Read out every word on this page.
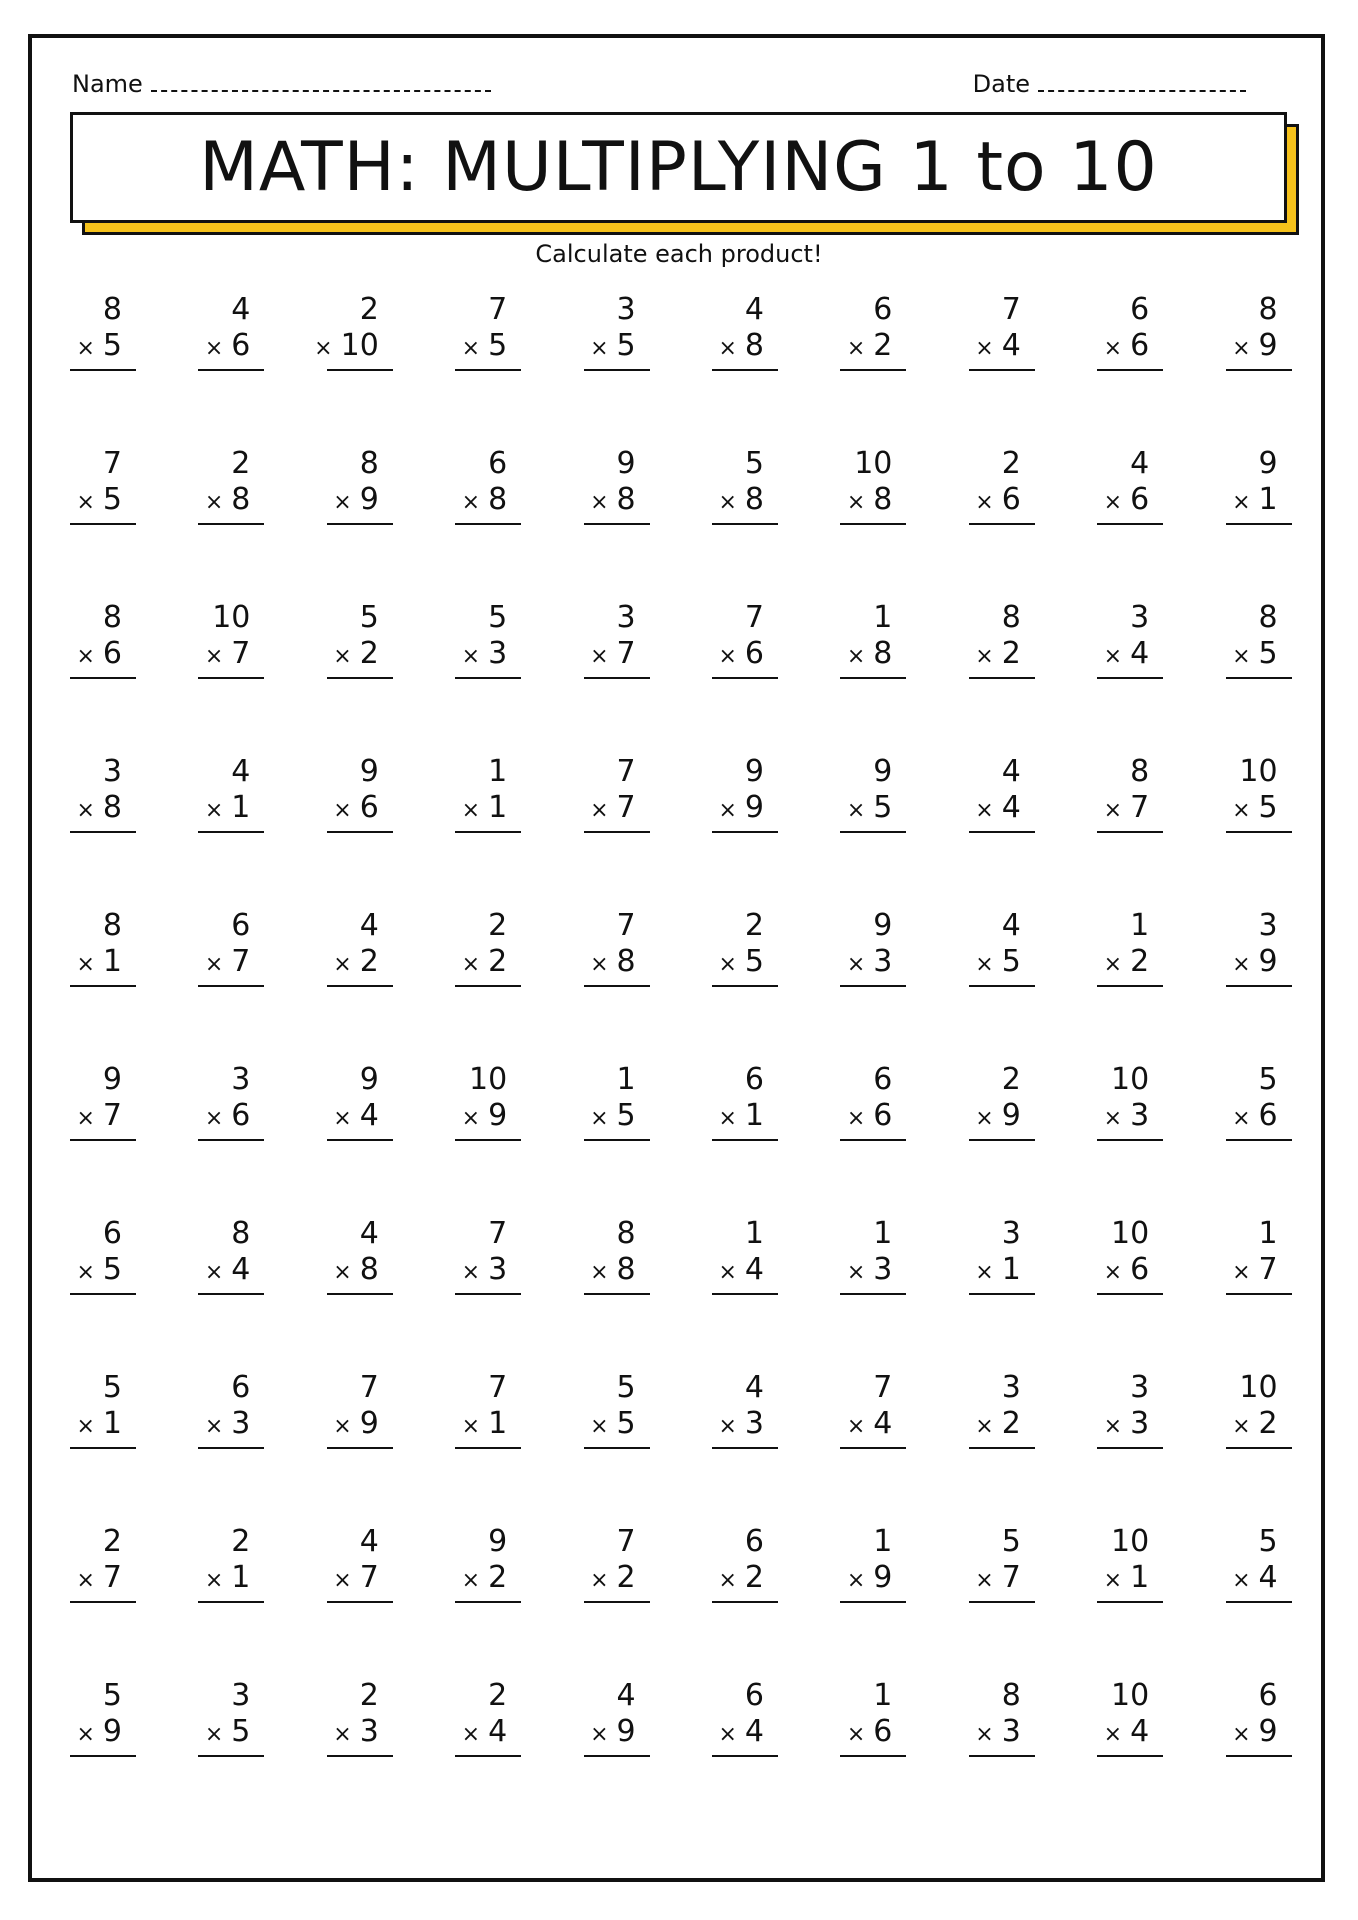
Name	Date
MATH: MULTIPLYING 1 to 10
Calculate each product!
8
× 5
4
× 6
2
× 10
7
× 5
3
× 5
4
× 8
6
× 2
7
× 4
6
× 6
8
× 9
7
× 5
2
× 8
8
× 9
6
× 8
9
× 8
5
× 8
10
× 8
2
× 6
4
× 6
9
× 1
8
× 6
10
× 7
5
× 2
5
× 3
3
× 7
7
× 6
1
× 8
8
× 2
3
× 4
8
× 5
3
× 8
4
× 1
9
× 6
1
× 1
7
× 7
9
× 9
9
× 5
4
× 4
8
× 7
10
× 5
8
× 1
6
× 7
4
× 2
2
× 2
7
× 8
2
× 5
9
× 3
4
× 5
1
× 2
3
× 9
9
× 7
3
× 6
9
× 4
10
× 9
1
× 5
6
× 1
6
× 6
2
× 9
10
× 3
5
× 6
6
× 5
8
× 4
4
× 8
7
× 3
8
× 8
1
× 4
1
× 3
3
× 1
10
× 6
1
× 7
5
× 1
6
× 3
7
× 9
7
× 1
5
× 5
4
× 3
7
× 4
3
× 2
3
× 3
10
× 2
2
× 7
2
× 1
4
× 7
9
× 2
7
× 2
6
× 2
1
× 9
5
× 7
10
× 1
5
× 4
5
× 9
3
× 5
2
× 3
2
× 4
4
× 9
6
× 4
1
× 6
8
× 3
10
× 4
6
× 9
